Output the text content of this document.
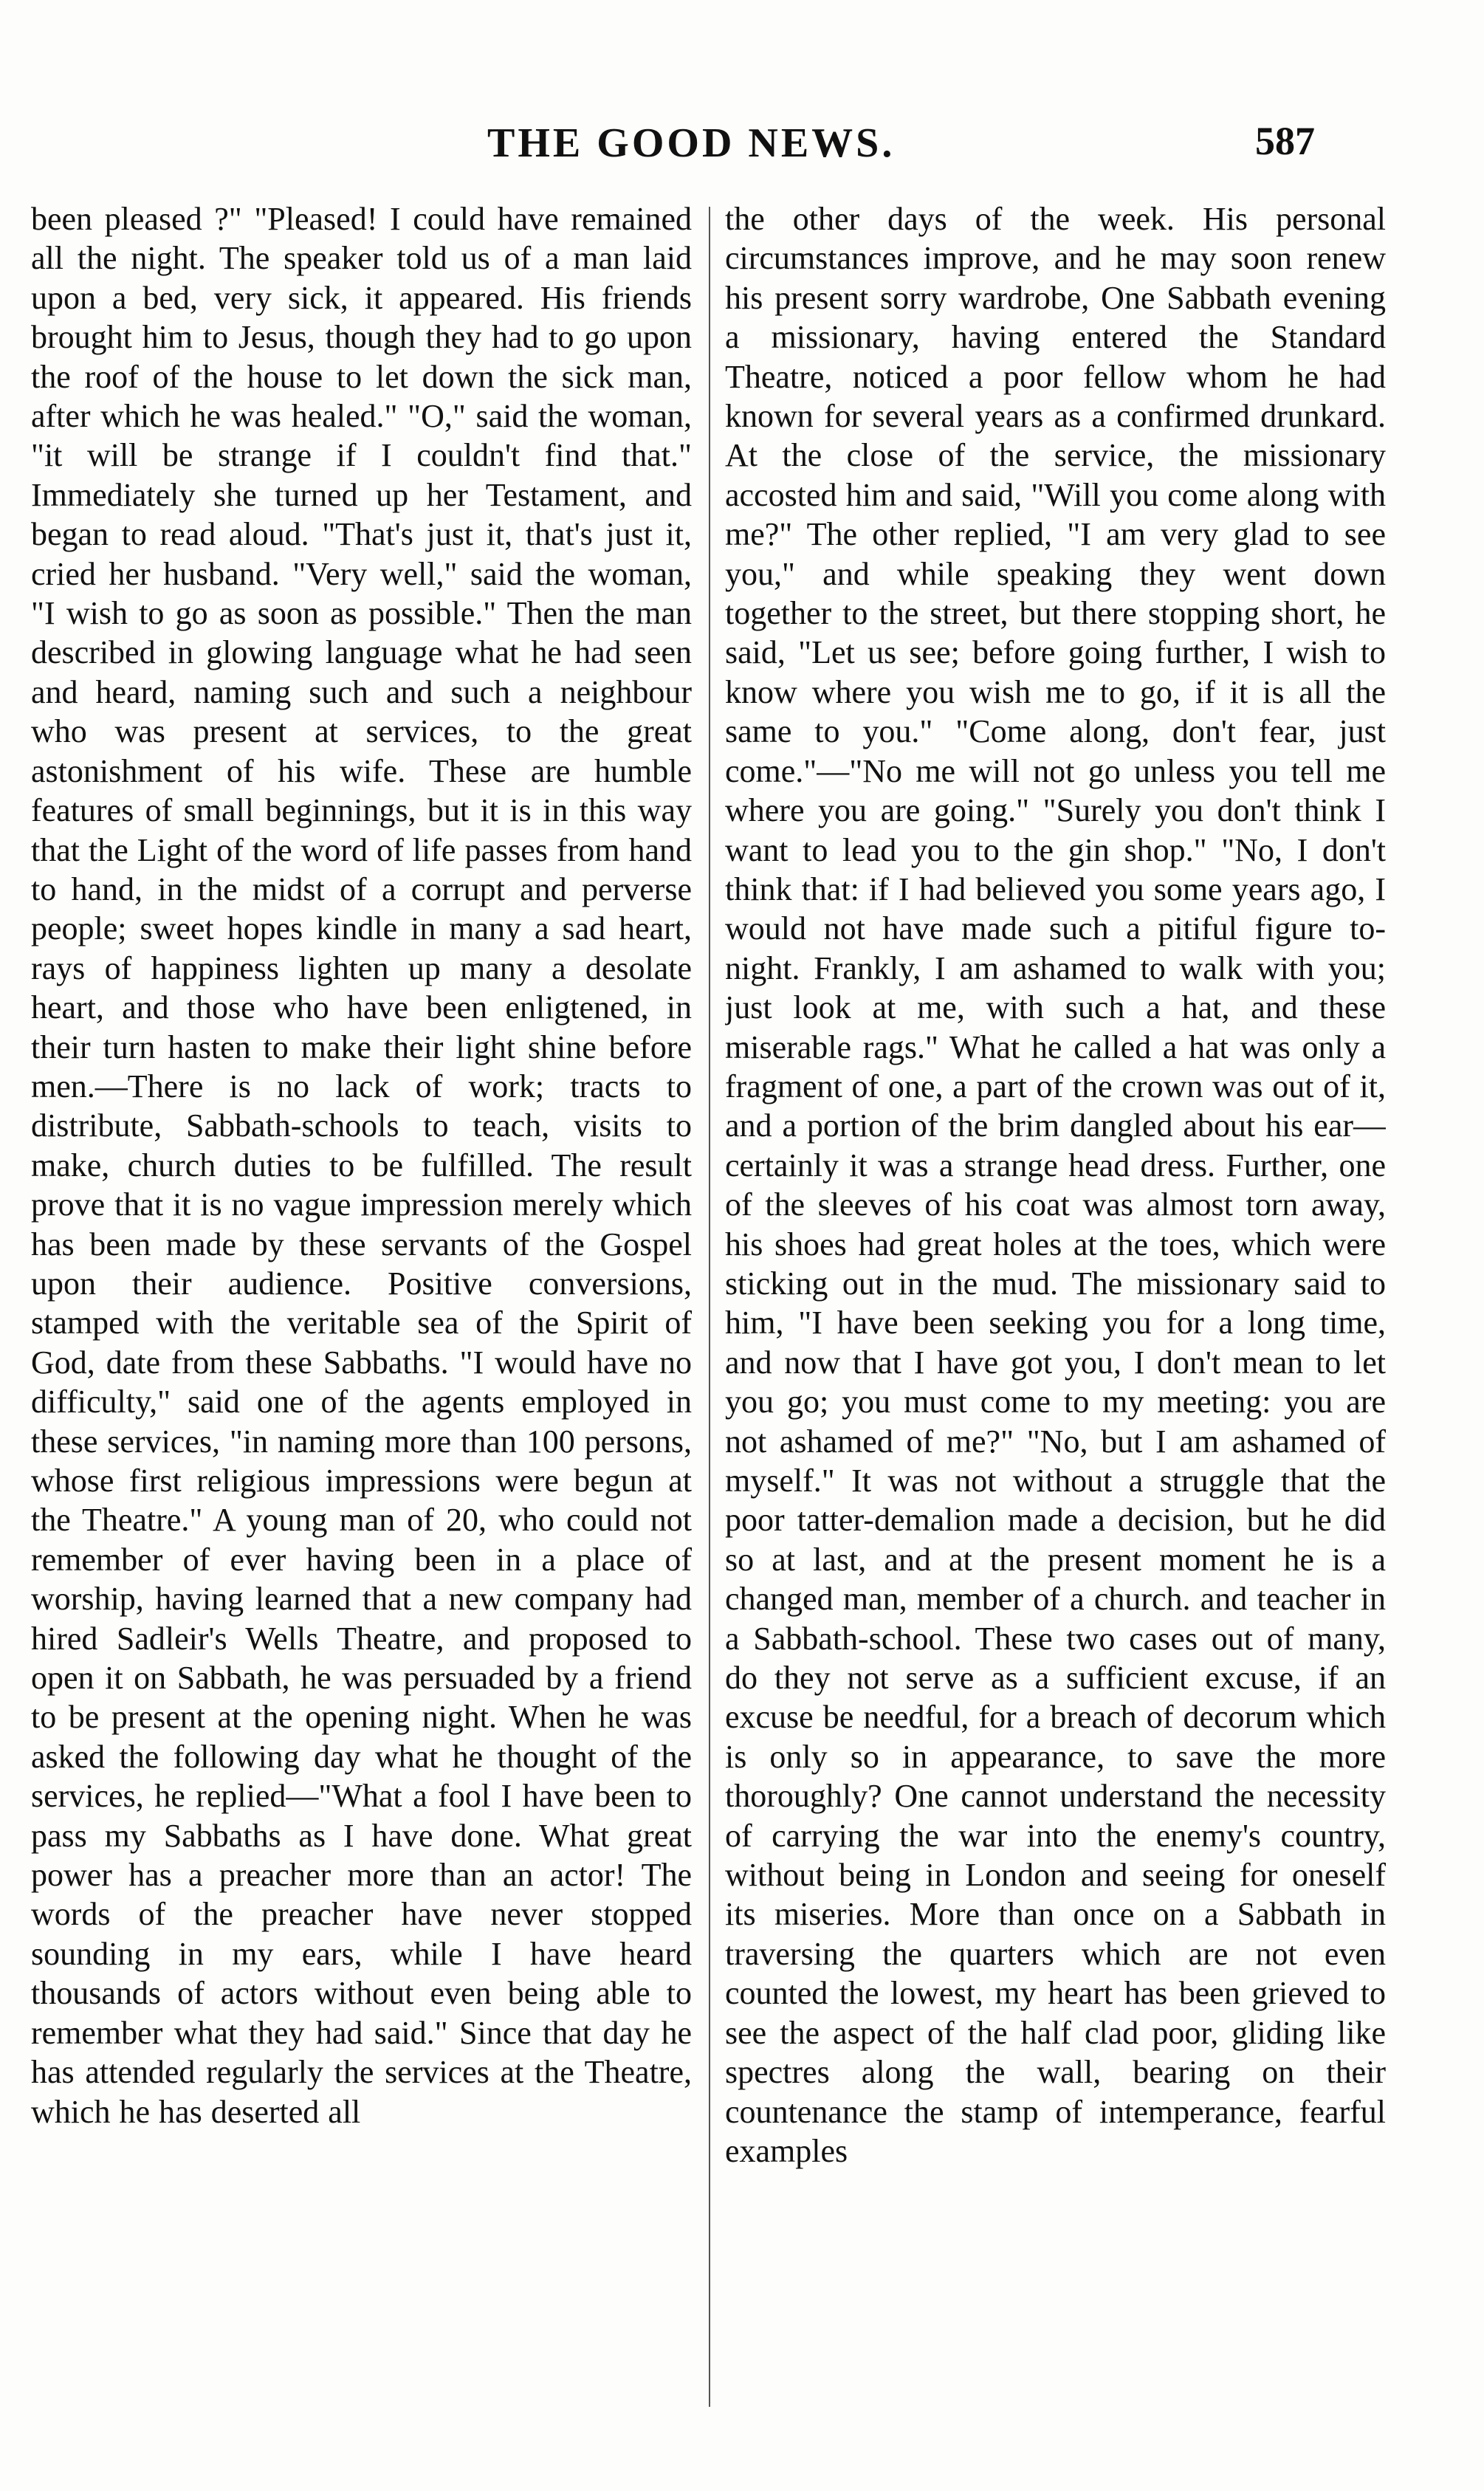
THE GOOD NEWS.	587
been pleased ?" "Pleased! I could have remained all the night. The speaker told us of a man laid upon a bed, very sick, it appeared. His friends brought him to Jesus, though they had to go upon the roof of the house to let down the sick man, after which he was healed." "O," said the woman, "it will be strange if I couldn't find that." Immediately she turned up her Testament, and began to read aloud. "That's just it, that's just it, cried her husband. "Very well," said the woman, "I wish to go as soon as possible." Then the man described in glowing language what he had seen and heard, naming such and such a neighbour who was present at services, to the great astonishment of his wife. These are humble features of small beginnings, but it is in this way that the Light of the word of life passes from hand to hand, in the midst of a corrupt and perverse people; sweet hopes kindle in many a sad heart, rays of happiness lighten up many a desolate heart, and those who have been enligtened, in their turn hasten to make their light shine before men.—There is no lack of work; tracts to distribute, Sabbath-schools to teach, visits to make, church duties to be fulfilled. The result prove that it is no vague impression merely which has been made by these servants of the Gospel upon their audience. Positive conversions, stamped with the veritable sea of the Spirit of God, date from these Sabbaths. "I would have no difficulty," said one of the agents employed in these services, "in naming more than 100 persons, whose first religious impressions were begun at the Theatre." A young man of 20, who could not remember of ever having been in a place of worship, having learned that a new company had hired Sadleir's Wells Theatre, and proposed to open it on Sabbath, he was persuaded by a friend to be present at the opening night. When he was asked the following day what he thought of the services, he replied—"What a fool I have been to pass my Sabbaths as I have done. What great power has a preacher more than an actor! The words of the preacher have never stopped sounding in my ears, while I have heard thousands of actors without even being able to remember what they had said." Since that day he has attended regularly the services at the Theatre, which he has deserted all
the other days of the week. His personal circumstances improve, and he may soon renew his present sorry wardrobe, One Sabbath evening a missionary, having entered the Standard Theatre, noticed a poor fellow whom he had known for several years as a confirmed drunkard. At the close of the service, the missionary accosted him and said, "Will you come along with me?" The other replied, "I am very glad to see you," and while speaking they went down together to the street, but there stopping short, he said, "Let us see; before going further, I wish to know where you wish me to go, if it is all the same to you." "Come along, don't fear, just come."—"No me will not go unless you tell me where you are going." "Surely you don't think I want to lead you to the gin shop." "No, I don't think that: if I had believed you some years ago, I would not have made such a pitiful figure to-night. Frankly, I am ashamed to walk with you; just look at me, with such a hat, and these miserable rags." What he called a hat was only a fragment of one, a part of the crown was out of it, and a portion of the brim dangled about his ear—certainly it was a strange head dress. Further, one of the sleeves of his coat was almost torn away, his shoes had great holes at the toes, which were sticking out in the mud. The missionary said to him, "I have been seeking you for a long time, and now that I have got you, I don't mean to let you go; you must come to my meeting: you are not ashamed of me?" "No, but I am ashamed of myself." It was not without a struggle that the poor tatter-demalion made a decision, but he did so at last, and at the present moment he is a changed man, member of a church. and teacher in a Sabbath-school. These two cases out of many, do they not serve as a sufficient excuse, if an excuse be needful, for a breach of decorum which is only so in appearance, to save the more thoroughly? One cannot understand the necessity of carrying the war into the enemy's country, without being in London and seeing for oneself its miseries. More than once on a Sabbath in traversing the quarters which are not even counted the lowest, my heart has been grieved to see the aspect of the half clad poor, gliding like spectres along the wall, bearing on their countenance the stamp of intemperance, fearful examples
